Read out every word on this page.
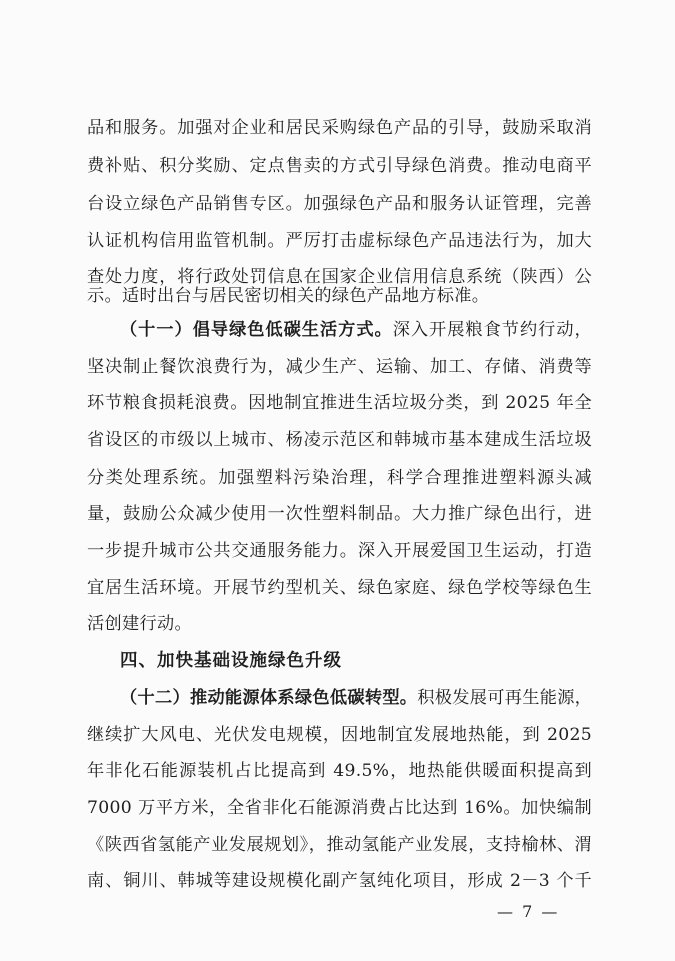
品和服务。加强对企业和居民采购绿色产品的引导，鼓励采取消
费补贴、积分奖励、定点售卖的方式引导绿色消费。推动电商平
台设立绿色产品销售专区。加强绿色产品和服务认证管理，完善
认证机构信用监管机制。严厉打击虚标绿色产品违法行为，加大
查处力度，将行政处罚信息在国家企业信用信息系统（陕西）公
示。适时出台与居民密切相关的绿色产品地方标准。
（十一）倡导绿色低碳生活方式。深入开展粮食节约行动，
坚决制止餐饮浪费行为，减少生产、运输、加工、存储、消费等
环节粮食损耗浪费。因地制宜推进生活垃圾分类，到 2025 年全
省设区的市级以上城市、杨凌示范区和韩城市基本建成生活垃圾
分类处理系统。加强塑料污染治理，科学合理推进塑料源头减
量，鼓励公众减少使用一次性塑料制品。大力推广绿色出行，进
一步提升城市公共交通服务能力。深入开展爱国卫生运动，打造
宜居生活环境。开展节约型机关、绿色家庭、绿色学校等绿色生
活创建行动。
四、加快基础设施绿色升级
（十二）推动能源体系绿色低碳转型。积极发展可再生能源，
继续扩大风电、光伏发电规模，因地制宜发展地热能，到 2025
年非化石能源装机占比提高到 49.5%，地热能供暖面积提高到
7000 万平方米，全省非化石能源消费占比达到 16%。加快编制
《陕西省氢能产业发展规划》，推动氢能产业发展，支持榆林、渭
南、铜川、韩城等建设规模化副产氢纯化项目，形成 2－3 个千
— 7 —
